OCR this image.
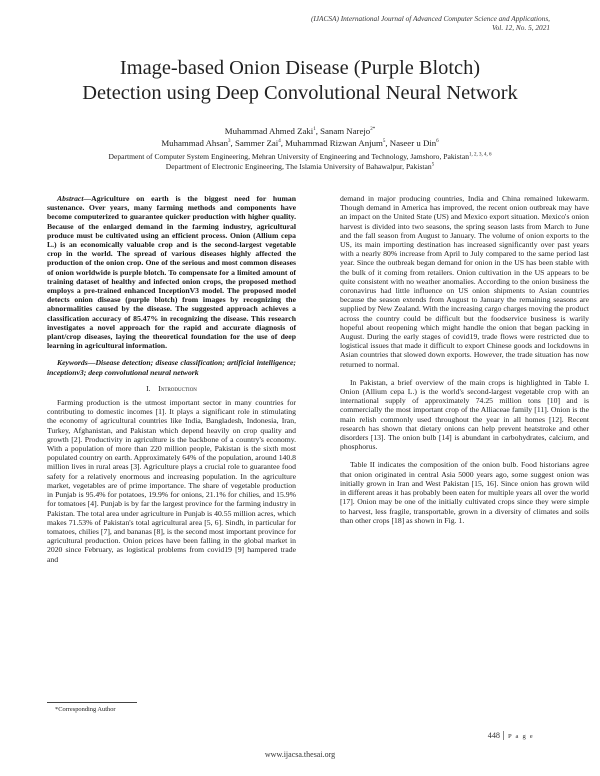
(IJACSA) International Journal of Advanced Computer Science and Applications,
Vol. 12, No. 5, 2021
Image-based Onion Disease (Purple Blotch)
Detection using Deep Convolutional Neural Network
Muhammad Ahmed Zaki$^1$, Sanam Narejo$^{2*}$
Muhammad Ahsan$^3$, Sammer Zai$^4$, Muhammad Rizwan Anjum$^5$, Naseer u Din$^6$
Department of Computer System Engineering, Mehran University of Engineering and Technology, Jamshoro, Pakistan$^{1, 2, 3, 4, 6}$
Department of Electronic Engineering, The Islamia University of Bahawalpur, Pakistan$^5$

Abstract—Agriculture on earth is the biggest need for human sustenance. Over years, many farming methods and components have become computerized to guarantee quicker production with higher quality. Because of the enlarged demand in the farming industry, agricultural produce must be cultivated using an efficient process. Onion (Allium cepa L.) is an economically valuable crop and is the second-largest vegetable crop in the world. The spread of various diseases highly affected the production of the onion crop. One of the serious and most common diseases of onion worldwide is purple blotch. To compensate for a limited amount of training dataset of healthy and infected onion crops, the proposed method employs a pre-trained enhanced InceptionV3 model. The proposed model detects onion disease (purple blotch) from images by recognizing the abnormalities caused by the disease. The suggested approach achieves a classification accuracy of 85.47% in recognizing the disease. This research investigates a novel approach for the rapid and accurate diagnosis of plant/crop diseases, laying the theoretical foundation for the use of deep learning in agricultural information.

Keywords—Disease detection; disease classification; artificial intelligence; inceptionv3; deep convolutional neural network

I. Introduction

Farming production is the utmost important sector in many countries for contributing to domestic incomes [1]. It plays a significant role in stimulating the economy of agricultural countries like India, Bangladesh, Indonesia, Iran, Turkey, Afghanistan, and Pakistan which depend heavily on crop quality and growth [2]. Productivity in agriculture is the backbone of a country's economy. With a population of more than 220 million people, Pakistan is the sixth most populated country on earth. Approximately 64% of the population, around 140.8 million lives in rural areas [3]. Agriculture plays a crucial role to guarantee food safety for a relatively enormous and increasing population. In the agriculture market, vegetables are of prime importance. The share of vegetable production in Punjab is 95.4% for potatoes, 19.9% for onions, 21.1% for chilies, and 15.9% for tomatoes [4]. Punjab is by far the largest province for the farming industry in Pakistan. The total area under agriculture in Punjab is 40.55 million acres, which makes 71.53% of Pakistan's total agricultural area [5, 6]. Sindh, in particular for tomatoes, chilies [7], and bananas [8], is the second most important province for agricultural production. Onion prices have been falling in the global market in 2020 since February, as logistical problems from covid19 [9] hampered trade and

demand in major producing countries, India and China remained lukewarm. Though demand in America has improved, the recent onion outbreak may have an impact on the United State (US) and Mexico export situation. Mexico's onion harvest is divided into two seasons, the spring season lasts from March to June and the fall season from August to January. The volume of onion exports to the US, its main importing destination has increased significantly over past years with a nearly 80% increase from April to July compared to the same period last year. Since the outbreak began demand for onion in the US has been stable with the bulk of it coming from retailers. Onion cultivation in the US appears to be quite consistent with no weather anomalies. According to the onion business the coronavirus had little influence on US onion shipments to Asian countries because the season extends from August to January the remaining seasons are supplied by New Zealand. With the increasing cargo charges moving the product across the country could be difficult but the foodservice business is warily hopeful about reopening which might handle the onion that began packing in August. During the early stages of covid19, trade flows were restricted due to logistical issues that made it difficult to export Chinese goods and lockdowns in Asian countries that slowed down exports. However, the trade situation has now returned to normal.

In Pakistan, a brief overview of the main crops is highlighted in Table I. Onion (Allium cepa L.) is the world's second-largest vegetable crop with an international supply of approximately 74.25 million tons [10] and is commercially the most important crop of the Alliaceae family [11]. Onion is the main relish commonly used throughout the year in all homes [12]. Recent research has shown that dietary onions can help prevent heatstroke and other disorders [13]. The onion bulb [14] is abundant in carbohydrates, calcium, and phosphorus.

Table II indicates the composition of the onion bulb. Food historians agree that onion originated in central Asia 5000 years ago, some suggest onion was initially grown in Iran and West Pakistan [15, 16]. Since onion has grown wild in different areas it has probably been eaten for multiple years all over the world [17]. Onion may be one of the initially cultivated crops since they were simple to harvest, less fragile, transportable, grown in a diversity of climates and soils than other crops [18] as shown in Fig. 1.

*Corresponding Author
448 P a g e
www.ijacsa.thesai.org
